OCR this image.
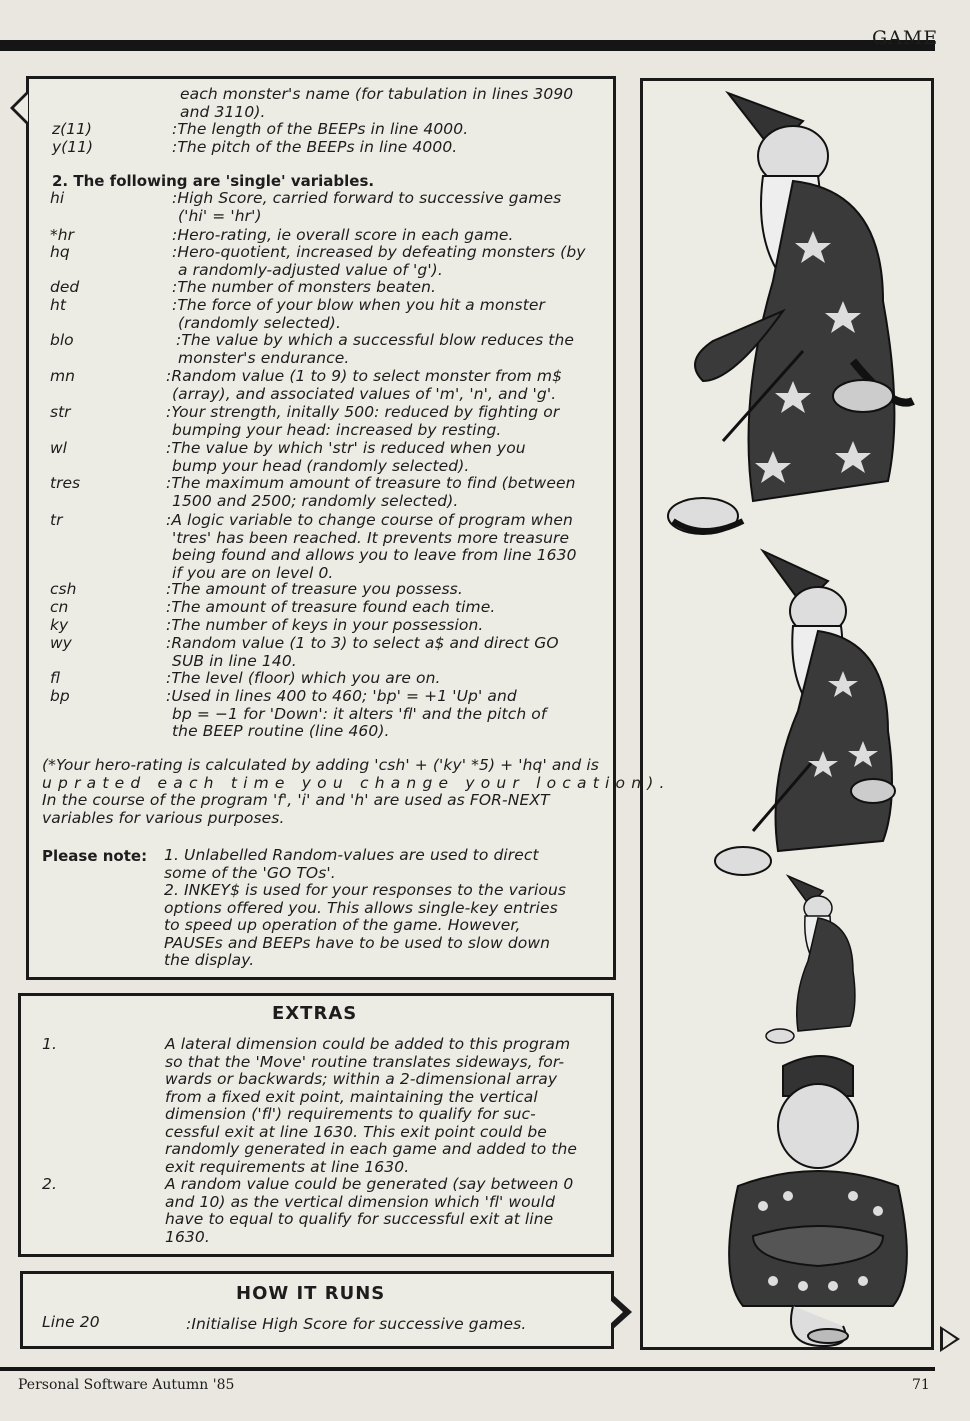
GAME
Personal Software Autumn '85	71
each monster's name (for tabulation in lines 3090
and 3110).
z(11)	:The length of the BEEPs in line 4000.
y(11)	:The pitch of the BEEPs in line 4000.
2. The following are 'single' variables.
hi	:High Score, carried forward to successive games
('hi' = 'hr')
*hr	:Hero-rating, ie overall score in each game.
hq	:Hero-quotient, increased by defeating monsters (by
a randomly-adjusted value of 'g').
ded	:The number of monsters beaten.
ht	:The force of your blow when you hit a monster
(randomly selected).
blo	:The value by which a successful blow reduces the
monster's endurance.
mn	:Random value (1 to 9) to select monster from m$
(array), and associated values of 'm', 'n', and 'g'.
str	:Your strength, initally 500: reduced by fighting or
bumping your head: increased by resting.
wl	:The value by which 'str' is reduced when you
bump your head (randomly selected).
tres	:The maximum amount of treasure to find (between
1500 and 2500; randomly selected).
tr	:A logic variable to change course of program when
'tres' has been reached. It prevents more treasure
being found and allows you to leave from line 1630
if you are on level 0.
csh	:The amount of treasure you possess.
cn	:The amount of treasure found each time.
ky	:The number of keys in your possession.
wy	:Random value (1 to 3) to select a$ and direct GO
SUB in line 140.
fl	:The level (floor) which you are on.
bp	:Used in lines 400 to 460; 'bp' = +1 'Up' and
bp = −1 for 'Down': it alters 'fl' and the pitch of
the BEEP routine (line 460).
(*Your hero-rating is calculated by adding 'csh' + ('ky' *5) + 'hq' and is
uprated each time you change your location).
In the course of the program 'f', 'i' and 'h' are used as FOR-NEXT
variables for various purposes.
Please note: 1. Unlabelled Random-values are used to direct
some of the 'GO TOs'.
2. INKEY$ is used for your responses to the various
options offered you. This allows single-key entries
to speed up operation of the game. However,
PAUSEs and BEEPs have to be used to slow down
the display.
EXTRAS
1.	A lateral dimension could be added to this program
so that the 'Move' routine translates sideways, for-
wards or backwards; within a 2-dimensional array
from a fixed exit point, maintaining the vertical
dimension ('fl') requirements to qualify for suc-
cessful exit at line 1630. This exit point could be
randomly generated in each game and added to the
exit requirements at line 1630.
2.	A random value could be generated (say between 0
and 10) as the vertical dimension which 'fl' would
have to equal to qualify for successful exit at line
1630.
HOW IT RUNS
Line 20	:Initialise High Score for successive games.
